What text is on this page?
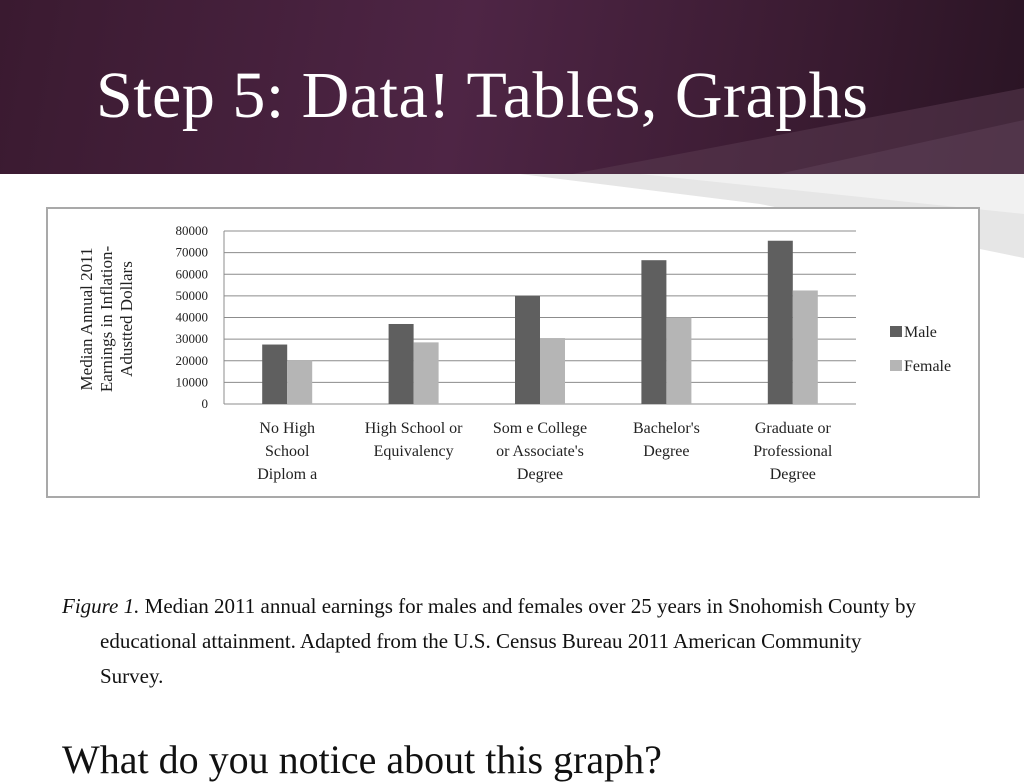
Step 5: Data! Tables, Graphs
0
10000
20000
30000
40000
50000
60000
70000
80000
No High
School
Diplom a
High School or
Equivalency
Som e College
or Associate's
Degree
Bachelor's
Degree
Graduate or
Professional
Degree
Median Annual 2011 Earnings in Inflation- Adustted Dollars	Male
Female

Figure 1. Median 2011 annual earnings for males and females over 25 years in Snohomish County by educational attainment. Adapted from the U.S. Census Bureau 2011 American Community Survey.

What do you notice about this graph?
